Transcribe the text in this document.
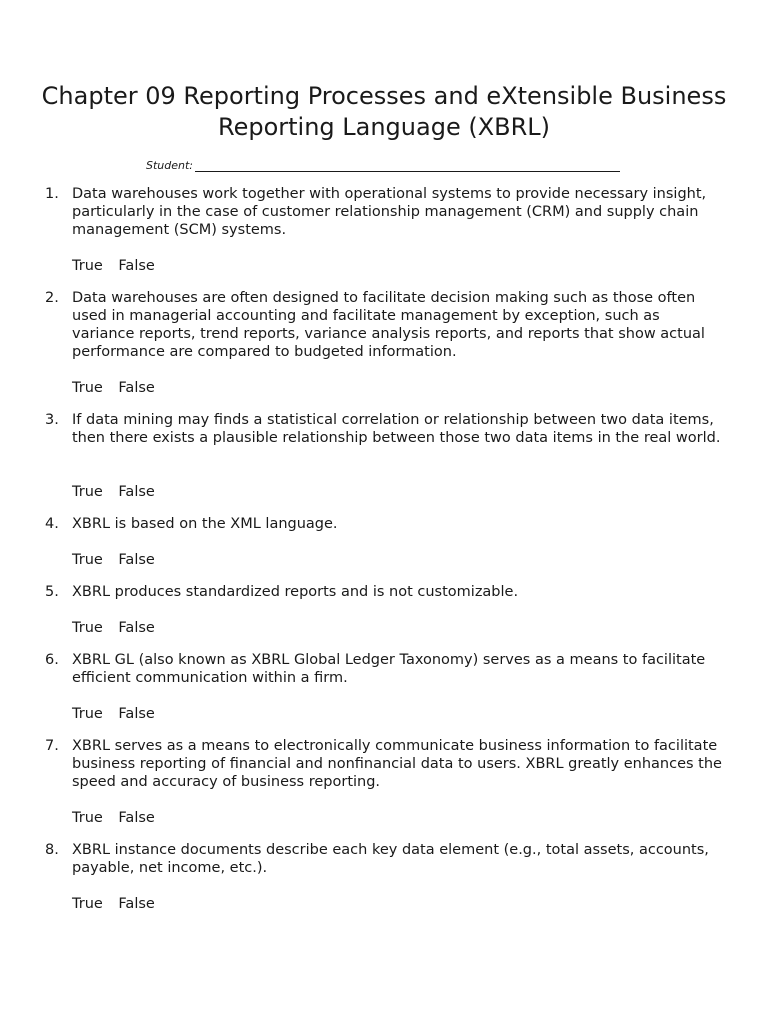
Chapter 09 Reporting Processes and eXtensible Business Reporting Language (XBRL)
Student:
1. Data warehouses work together with operational systems to provide necessary insight, particularly in the case of customer relationship management (CRM) and supply chain management (SCM) systems.

True False
2. Data warehouses are often designed to facilitate decision making such as those often used in managerial accounting and facilitate management by exception, such as variance reports, trend reports, variance analysis reports, and reports that show actual performance are compared to budgeted information.

True False
3. If data mining may finds a statistical correlation or relationship between two data items, then there exists a plausible relationship between those two data items in the real world.

True False
4. XBRL is based on the XML language.

True False
5. XBRL produces standardized reports and is not customizable.

True False
6. XBRL GL (also known as XBRL Global Ledger Taxonomy) serves as a means to facilitate efficient communication within a firm.

True False
7. XBRL serves as a means to electronically communicate business information to facilitate business reporting of financial and nonfinancial data to users. XBRL greatly enhances the speed and accuracy of business reporting.

True False
8. XBRL instance documents describe each key data element (e.g., total assets, accounts, payable, net income, etc.).

True False
